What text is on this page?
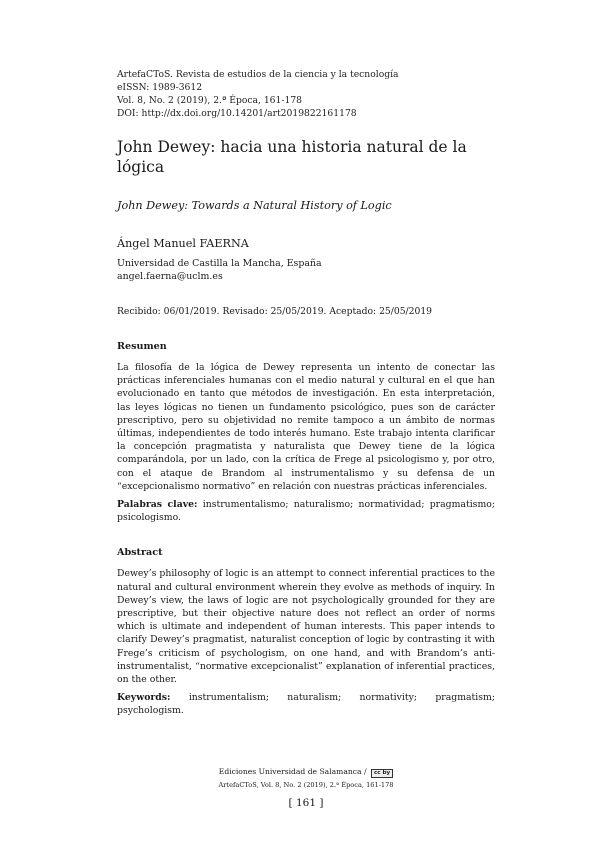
ArtefaCToS. Revista de estudios de la ciencia y la tecnología
eISSN: 1989-3612
Vol. 8, No. 2 (2019), 2.ª Época, 161-178
DOI: http://dx.doi.org/10.14201/art2019822161178
John Dewey: hacia una historia natural de la lógica
John Dewey: Towards a Natural History of Logic
Ángel Manuel FAERNA
Universidad de Castilla la Mancha, España
angel.faerna@uclm.es
Recibido: 06/01/2019. Revisado: 25/05/2019. Aceptado: 25/05/2019
Resumen
La filosofía de la lógica de Dewey representa un intento de conectar las prácticas inferenciales humanas con el medio natural y cultural en el que han evolucionado en tanto que métodos de investigación. En esta interpretación, las leyes lógicas no tienen un fundamento psicológico, pues son de carácter prescriptivo, pero su objetividad no remite tampoco a un ámbito de normas últimas, independientes de todo interés humano. Este trabajo intenta clarificar la concepción pragmatista y naturalista que Dewey tiene de la lógica comparándola, por un lado, con la crítica de Frege al psicologismo y, por otro, con el ataque de Brandom al instrumentalismo y su defensa de un “excepcionalismo normativo” en relación con nuestras prácticas inferenciales.
Palabras clave: instrumentalismo; naturalismo; normatividad; pragmatismo; psicologismo.
Abstract
Dewey’s philosophy of logic is an attempt to connect inferential practices to the natural and cultural environment wherein they evolve as methods of inquiry. In Dewey’s view, the laws of logic are not psychologically grounded for they are prescriptive, but their objective nature does not reflect an order of norms which is ultimate and independent of human interests. This paper intends to clarify Dewey’s pragmatist, naturalist conception of logic by contrasting it with Frege’s criticism of psychologism, on one hand, and with Brandom’s anti-instrumentalist, “normative excepcionalist” explanation of inferential practices, on the other.
Keywords: instrumentalism; naturalism; normativity; pragmatism; psychologism.
Ediciones Universidad de Salamanca / cc by
ArtefaCToS, Vol. 8, No. 2 (2019), 2.ª Época, 161-178
[ 161 ]
